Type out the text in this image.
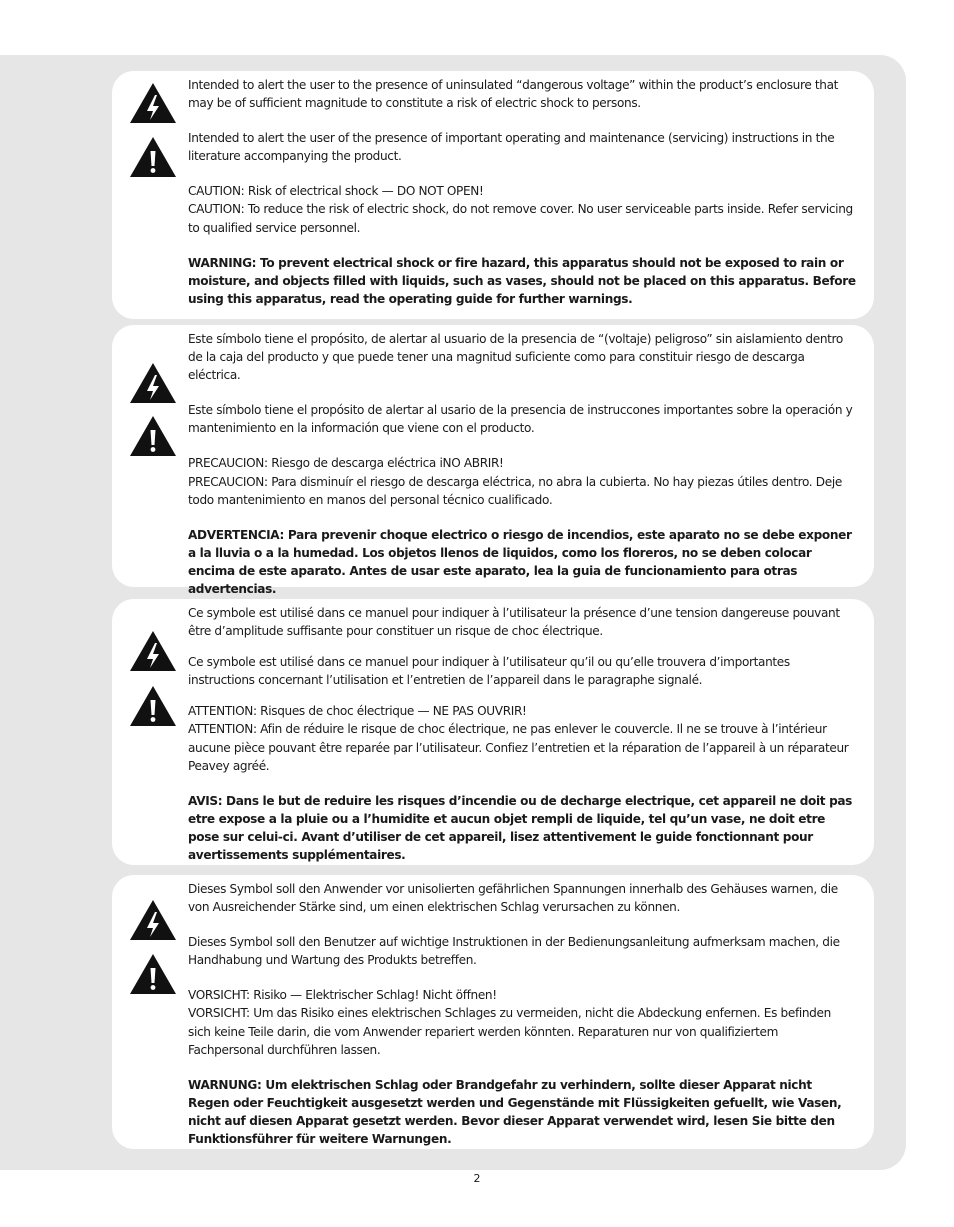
Intended to alert the user to the presence of uninsulated “dangerous voltage” within the product’s enclosure that may be of sufficient magnitude to constitute a risk of electric shock to persons.

Intended to alert the user of the presence of important operating and maintenance (servicing) instructions in the literature accompanying the product.

CAUTION: Risk of electrical shock — DO NOT OPEN!
CAUTION: To reduce the risk of electric shock, do not remove cover. No user serviceable parts inside. Refer servicing to qualified service personnel.

WARNING: To prevent electrical shock or fire hazard, this apparatus should not be exposed to rain or moisture, and objects filled with liquids, such as vases, should not be placed on this apparatus. Before using this apparatus, read the operating guide for further warnings.

Este símbolo tiene el propósito, de alertar al usuario de la presencia de “(voltaje) peligroso” sin aislamiento dentro de la caja del producto y que puede tener una magnitud suficiente como para constituir riesgo de descarga eléctrica.

Este símbolo tiene el propósito de alertar al usario de la presencia de instruccones importantes sobre la operación y mantenimiento en la información que viene con el producto.

PRECAUCION: Riesgo de descarga eléctrica iNO ABRIR!
PRECAUCION: Para disminuír el riesgo de descarga eléctrica, no abra la cubierta. No hay piezas útiles dentro. Deje todo mantenimiento en manos del personal técnico cualificado.

ADVERTENCIA: Para prevenir choque electrico o riesgo de incendios, este aparato no se debe exponer a la lluvia o a la humedad. Los objetos llenos de liquidos, como los floreros, no se deben colocar encima de este aparato. Antes de usar este aparato, lea la guia de funcionamiento para otras advertencias.

Ce symbole est utilisé dans ce manuel pour indiquer à l’utilisateur la présence d’une tension dangereuse pouvant être d’amplitude suffisante pour constituer un risque de choc électrique.

Ce symbole est utilisé dans ce manuel pour indiquer à l’utilisateur qu’il ou qu’elle trouvera d’importantes instructions concernant l’utilisation et l’entretien de l’appareil dans le paragraphe signalé.

ATTENTION: Risques de choc électrique — NE PAS OUVRIR!
ATTENTION: Afin de réduire le risque de choc électrique, ne pas enlever le couvercle. Il ne se trouve à l’intérieur aucune pièce pouvant être reparée par l’utilisateur. Confiez l’entretien et la réparation de l’appareil à un réparateur Peavey agréé.

AVIS: Dans le but de reduire les risques d’incendie ou de decharge electrique, cet appareil ne doit pas etre expose a la pluie ou a l’humidite et aucun objet rempli de liquide, tel qu’un vase, ne doit etre pose sur celui-ci. Avant d’utiliser de cet appareil, lisez attentivement le guide fonctionnant pour avertissements supplémentaires.

Dieses Symbol soll den Anwender vor unisolierten gefährlichen Spannungen innerhalb des Gehäuses warnen, die von Ausreichender Stärke sind, um einen elektrischen Schlag verursachen zu können.

Dieses Symbol soll den Benutzer auf wichtige Instruktionen in der Bedienungsanleitung aufmerksam machen, die Handhabung und Wartung des Produkts betreffen.

VORSICHT: Risiko — Elektrischer Schlag! Nicht öffnen!
VORSICHT: Um das Risiko eines elektrischen Schlages zu vermeiden, nicht die Abdeckung enfernen. Es befinden sich keine Teile darin, die vom Anwender repariert werden könnten. Reparaturen nur von qualifiziertem Fachpersonal durchführen lassen.

WARNUNG: Um elektrischen Schlag oder Brandgefahr zu verhindern, sollte dieser Apparat nicht Regen oder Feuchtigkeit ausgesetzt werden und Gegenstände mit Flüssigkeiten gefuellt, wie Vasen, nicht auf diesen Apparat gesetzt werden. Bevor dieser Apparat verwendet wird, lesen Sie bitte den Funktionsführer für weitere Warnungen.

2
